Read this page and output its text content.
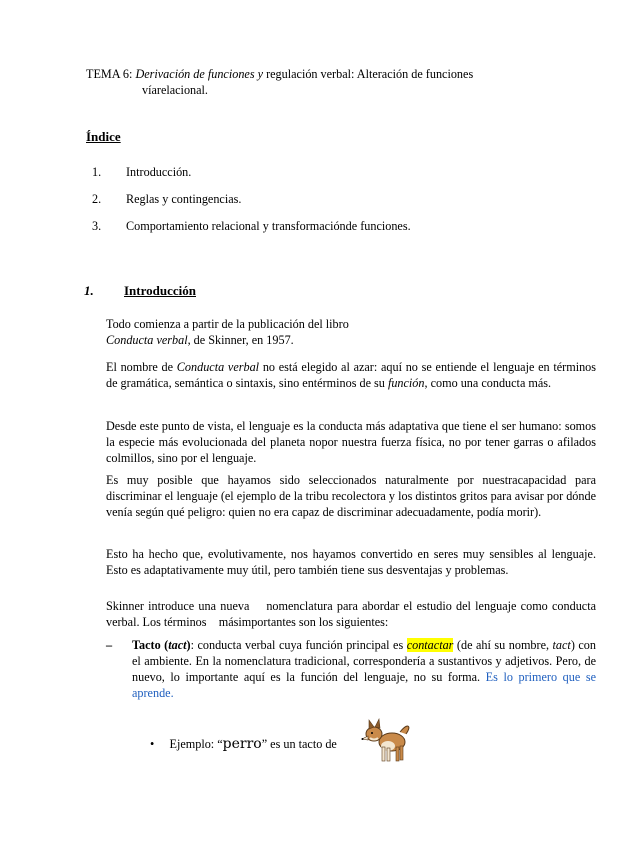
TEMA 6: Derivación de funciones y regulación verbal: Alteración de funciones
víarelacional.
Índice
1. Introducción.
2. Reglas y contingencias.
3. Comportamiento relacional y transformaciónde funciones.
1. Introducción

Todo comienza a partir de la publicación del libro

Conducta verbal, de Skinner, en 1957.

El nombre de Conducta verbal no está elegido al azar: aquí no se entiende el lenguaje en términos de gramática, semántica o sintaxis, sino entérminos de su función, como una conducta más.

Desde este punto de vista, el lenguaje es la conducta más adaptativa que tiene el ser humano: somos la especie más evolucionada del planeta nopor nuestra fuerza física, no por tener garras o afilados colmillos, sino por el lenguaje.

Es muy posible que hayamos sido seleccionados naturalmente por nuestracapacidad para discriminar el lenguaje (el ejemplo de la tribu recolectora y los distintos gritos para avisar por dónde venía según qué peligro: quien no era capaz de discriminar adecuadamente, podía morir).

Esto ha hecho que, evolutivamente, nos hayamos convertido en seres muy sensibles al lenguaje. Esto es adaptativamente muy útil, pero también tiene sus desventajas y problemas.

Skinner introduce una nueva    nomenclatura para abordar el estudio del lenguaje como conducta verbal. Los términos    másimportantes son los siguientes:

– Tacto (tact): conducta verbal cuya función principal es contactar (de ahí su nombre, tact) con el ambiente. En la nomenclatura tradicional, correspondería a sustantivos y adjetivos. Pero, de nuevo, lo importante aquí es la función del lenguaje, no su forma. Es lo primero que se aprende.
• Ejemplo: “perro” es un tacto de
